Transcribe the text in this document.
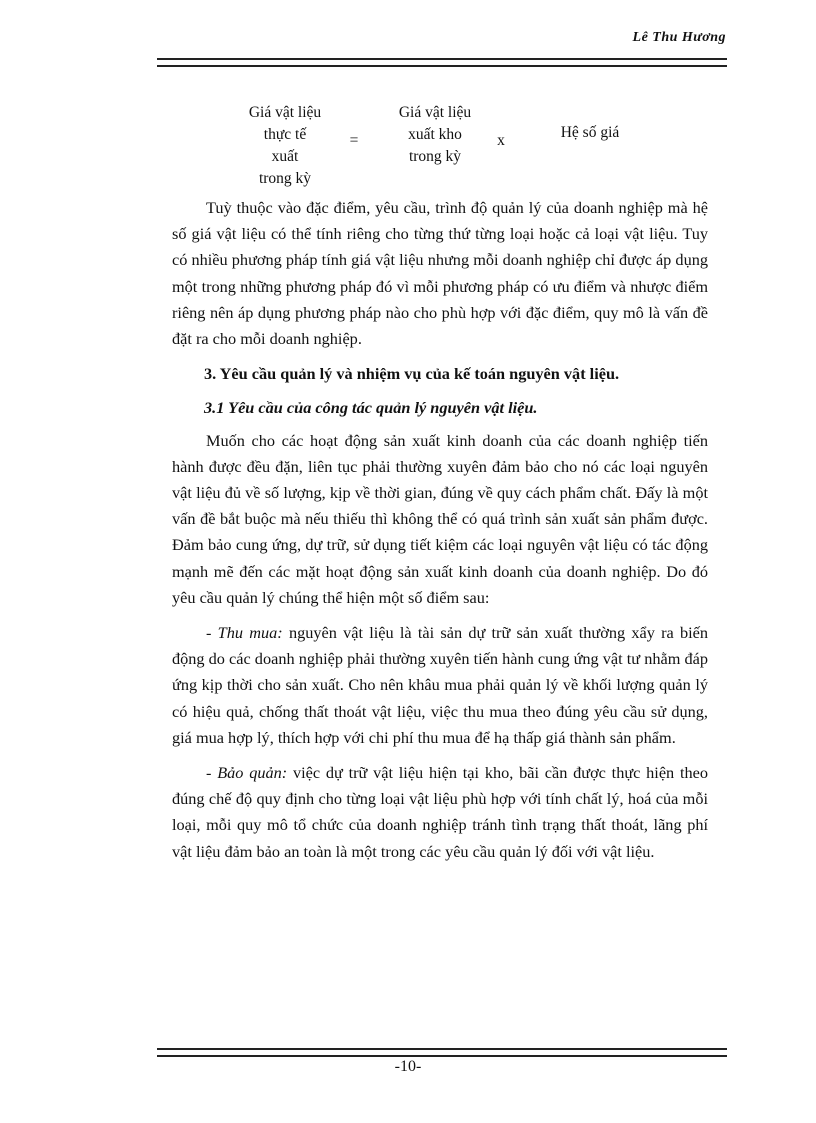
Lê Thu Hương
Giá vật liệu
thực tế
xuất
trong kỳ
=
Giá vật liệu
xuất kho
trong kỳ
x	Hệ số giá

Tuỳ thuộc vào đặc điểm, yêu cầu, trình độ quản lý của doanh nghiệp mà hệ số giá vật liệu có thể tính riêng cho từng thứ từng loại hoặc cả loại vật liệu. Tuy có nhiều phương pháp tính giá vật liệu nhưng mỗi doanh nghiệp chỉ được áp dụng một trong những phương pháp đó vì mỗi phương pháp có ưu điểm và nhược điểm riêng nên áp dụng phương pháp nào cho phù hợp với đặc điểm, quy mô là vấn đề đặt ra cho mỗi doanh nghiệp.

3. Yêu cầu quản lý và nhiệm vụ của kế toán nguyên vật liệu.

3.1 Yêu cầu của công tác quản lý nguyên vật liệu.

Muốn cho các hoạt động sản xuất kinh doanh của các doanh nghiệp tiến hành được đều đặn, liên tục phải thường xuyên đảm bảo cho nó các loại nguyên vật liệu đủ về số lượng, kịp về thời gian, đúng về quy cách phẩm chất. Đấy là một vấn đề bắt buộc mà nếu thiếu thì không thể có quá trình sản xuất sản phẩm được. Đảm bảo cung ứng, dự trữ, sử dụng tiết kiệm các loại nguyên vật liệu có tác động mạnh mẽ đến các mặt hoạt động sản xuất kinh doanh của doanh nghiệp. Do đó yêu cầu quản lý chúng thể hiện một số điểm sau:

- Thu mua: nguyên vật liệu là tài sản dự trữ sản xuất thường xẩy ra biến động do các doanh nghiệp phải thường xuyên tiến hành cung ứng vật tư nhằm đáp ứng kịp thời cho sản xuất. Cho nên khâu mua phải quản lý về khối lượng quản lý có hiệu quả, chống thất thoát vật liệu, việc thu mua theo đúng yêu cầu sử dụng, giá mua hợp lý, thích hợp với chi phí thu mua để hạ thấp giá thành sản phẩm.

- Bảo quản: việc dự trữ vật liệu hiện tại kho, bãi cần được thực hiện theo đúng chế độ quy định cho từng loại vật liệu phù hợp với tính chất lý, hoá của mỗi loại, mỗi quy mô tổ chức của doanh nghiệp tránh tình trạng thất thoát, lãng phí vật liệu đảm bảo an toàn là một trong các yêu cầu quản lý đối với vật liệu.

-10-
